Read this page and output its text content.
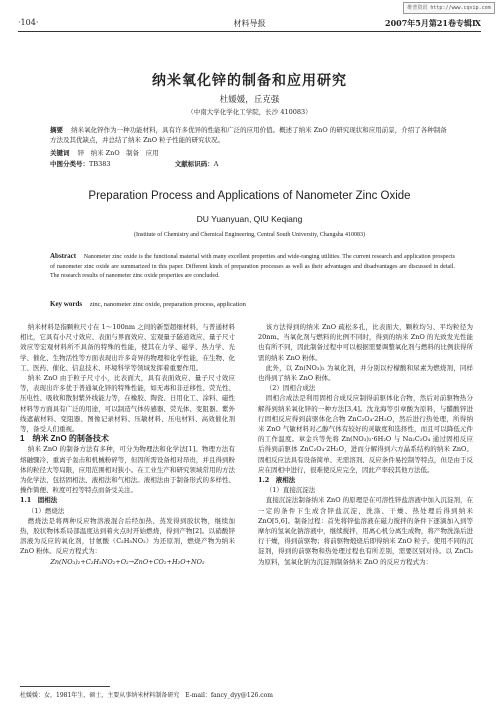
维普资讯 http://www.cqvip.com
·104·	材料导报	2007年5月第21卷专辑Ⅸ
纳米氧化锌的制备和应用研究
杜媛媛，丘克强
（中南大学化学化工学院，长沙 410083）
摘要 纳米氧化锌作为一种功能材料，具有许多优异的性能和广泛的应用价值。概述了纳米 ZnO 的研究现状和应用前景，介绍了各种制备方法及其优缺点，并总结了纳米 ZnO 粒子性能的研究状况。
关键词 锌　纳米 ZnO　制备　应用
中图分类号：TB383	文献标识码：A
Preparation Process and Applications of Nanometer Zinc Oxide
DU Yuanyuan, QIU Keqiang
(Institute of Chemistry and Chemical Engineering, Central South University, Changsha 410083)
Abstract Nanometer zinc oxide is the functional material with many excellent properties and wide-ranging utilities. The current research and application prospects of nanometer zinc oxide are summarized in this paper. Different kinds of preparation processes as well as their advantages and disadvantages are discussed in detail. The research results of nanometer zinc oxide properties are concluded.
Key words zinc, nanometer zinc oxide, preparation process, application

纳米材料是指颗粒尺寸在 1～100nm 之间的新型超细材料，与普通材料相比，它具有小尺寸效应、表面与界面效应、宏观量子隧道效应、量子尺寸效应等宏观材料所不具备的特殊的性能，使其在力学、磁学、热力学、光学、催化、生物活性等方面表现出许多奇异的物理和化学性能，在生物、化工、医药、催化、信息技术、环境科学等领域发挥着重要作用。

纳米 ZnO 由于粒子尺寸小，比表面大，具有表面效应、量子尺寸效应等，表现出许多优于普通氧化锌的特殊性能，如无毒和非迁移性、荧光性、压电性、吸收和散射紫外线能力等，在橡胶、陶瓷、日用化工、涂料、磁性材料等方面具有广泛的用途，可以制造气体传感器、荧光体、变阻器、紫外线遮蔽材料、变阻器、图像记录材料、压敏材料、压电材料、高效催化剂等，备受人们重视。

1　纳米 ZnO 的制备技术

纳米 ZnO 的制备方法有多种，可分为物理法和化学法[1]。物理方法有熔融骤冷、重离子轰击和机械粉碎等，但因所需设备相对昂贵，并且得到粉体的粒径大等局限，应用范围相对狭小。在工业生产和研究领域常用的方法为化学法，包括固相法、液相法和气相法。液相法由于制备形式的多样性、操作简便、粒度可控等特点而备受关注。

1.1　固相法

（1）燃烧法

燃烧法是将两种反应物溶液混合后经加热、蒸发得到胶状物，继续加热，胶状物体系局部温度达到着火点时开始燃烧，得到产物[2]。以硝酸锌溶液为反应的氧化剂，甘氨酸（C₂H₅NO₂）为还原剂，燃烧产物为纳米 ZnO 粉体。反应方程式为：

Zn(NO₃)₂+C₂H₅NO₂+O₂→ZnO+CO₂+H₂O+NO₂

该方法得到的纳米 ZnO 疏松多孔，比表面大，颗粒均匀、平均粒径为 20nm。当氧化剂与燃料的比例不同时，得到的纳米 ZnO 的光致发光性能也有所不同，因此制备过程中可以根据需要调整氧化剂与燃料的比例获得所需的纳米 ZnO 粉体。

此外，以 Zn(NO₃)₂ 为氧化剂，并分别以柠檬酸和尿素为燃烧剂，同样也得到了纳米 ZnO 粉体。

（2）固相合成法

固相合成法是利用固相合成反应制得前驱体化合物，然后对前驱物热分解得到纳米氧化锌的一种方法[3,4]。沈龙海等引章酸为原料，与醋酸锌进行固相反应得到前驱体化合物 ZnC₂O₄·2H₂O，然后进行热处理，所得纳米 ZnO 气敏材料对乙醇气体有较好的灵敏度和选择性，而且可以降低元件的工作温度。章金兵等先将 Zn(NO₃)₂·6H₂O 与 Na₂C₂O₄ 通过固相反应后得到前驱体 ZnC₂O₄·2H₂O，进而分解得到六方晶系结构的纳米 ZnO。固相反应法具有设备简单、无需溶剂、反应条件易控制等特点，但是由于反应在固相中进行，很难使反应完全，因此产率较其他方法低。

1.2　液相法

（1）直接沉淀法

直接沉淀法制备纳米 ZnO 的原理是在可溶性锌盐溶液中加入沉淀剂，在一定的条件下生成含锌盐沉淀，洗涤、干燥、热处理后得到纳米 ZnO[5,6]。制备过程：首先将锌盐溶液在磁力搅拌的条件下逐滴加入到等摩尔的氢氧化钠溶液中，继续搅拌，用离心机分离生成物，将产物洗涤后进行干燥，得到前驱物；将前驱物煅烧后即得纳米 ZnO 粒子。使用不同的沉淀剂，得到的前驱物和热处理过程也有所差别，需要区别对待。以 ZnCl₂ 为原料，氢氧化钠为沉淀剂制备纳米 ZnO 的反应方程式为：

杜媛媛：女，1981年生，硕士，主要从事纳米材料制备研究　E-mail：fancy_dyy@126.com
